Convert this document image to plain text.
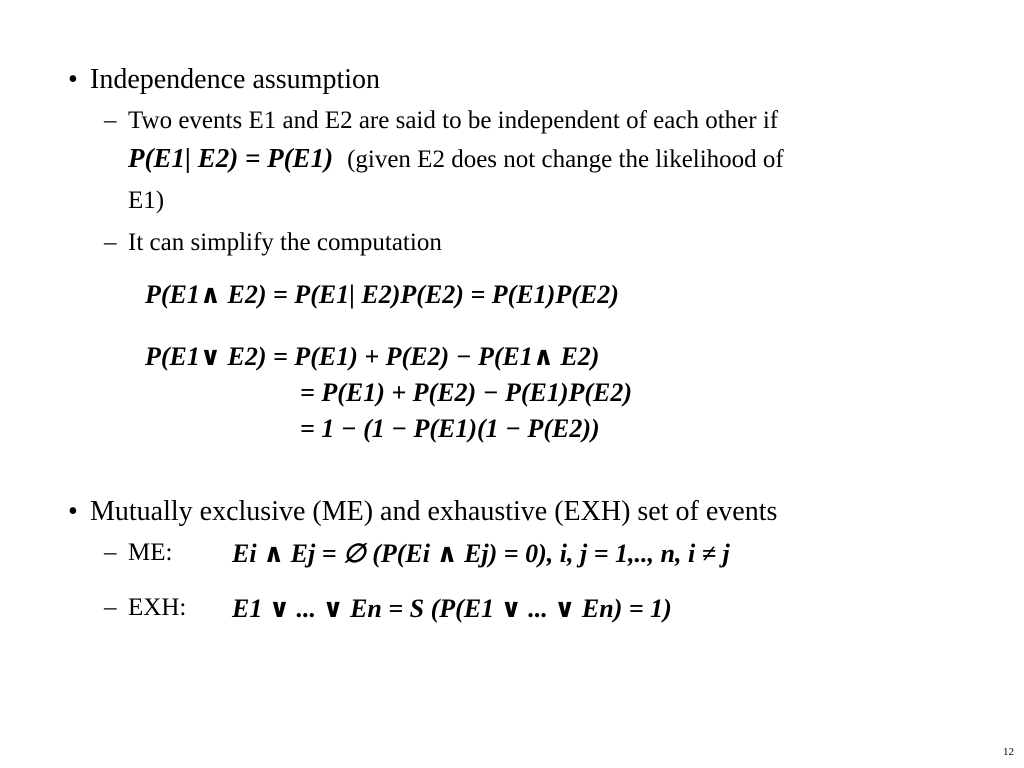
• Independence assumption
– Two events E1 and E2 are said to be independent of each other if
P(E1| E2) = P(E1) (given E2 does not change the likelihood of
E1)
– It can simplify the computation
P(E1∧ E2) = P(E1| E2)P(E2) = P(E1)P(E2)
P(E1∨ E2) = P(E1) + P(E2) − P(E1∧ E2)
= P(E1) + P(E2) − P(E1)P(E2)
= 1 − (1 − P(E1)(1 − P(E2))
• Mutually exclusive (ME) and exhaustive (EXH) set of events
– ME: Ei ∧ Ej = ∅ (P(Ei ∧ Ej) = 0), i, j = 1,.., n, i ≠ j
– EXH: E1 ∨ ... ∨ En = S (P(E1 ∨ ... ∨ En) = 1)
12
